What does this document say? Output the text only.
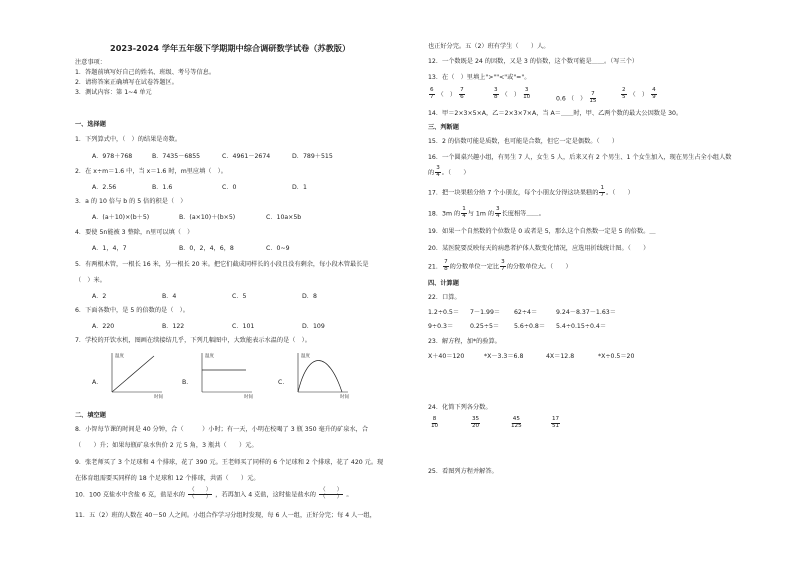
2023-2024 学年五年级下学期期中综合调研数学试卷（苏教版）
注意事项：
1．答题前填写好自己的姓名、班级、考号等信息。
2．请将答案正确填写在试卷答题区。
3．测试内容：第 1~4 单元
一、选择题
1．下列算式中，（　）的结果是奇数。
A．978＋768	B．7435－6855	C．4961－2674	D．789＋515
2．在 x÷m＝1.6 中，当 x＝1.6 时，m里应填（　）。
A．2.56	B．1.6	C．0	D．1
3．a 的 10 倍与 b 的 5 倍的积是（　）
A．(a＋10)×(b＋5)	B．(a×10)＋(b×5)	C．10a×5b
4．要使 5n能被 3 整除，n里可以填（　）
A．1，4，7	B．0，2，4，6，8	C．0~9
5．有两根木管，一根长 16 米，另一根长 20 米。把它们截成同样长的小段且没有剩余，每小段木管最长是
（　）米。
A．2	B．4	C．5	D．8
6．下面各数中，是 5 的倍数的是（　）。
A．220	B．122	C．101	D．109
7．学校的开饮水机，图画在续接结几乎，下列几幅图中，大致能表示水温的是（　）。
A．
温度
时间
B．
温度
时间
C．
温度
时间
二、填空题
8．小智每节课的时间是 40 分钟，合（　　　）小时；有一天，小明在校喝了 3 瓶 350 毫升的矿泉水，合
（　　）升；如果每瓶矿泉水售价 2 元 5 角，3 瓶共（　　）元。
9．张老师买了 3 个足球和 4 个排球，花了 390 元。王老师买了同样的 6 个足球和 2 个排球，花了 420 元。现
在体育组需要买同样的 18 个足球和 12 个排球，共需（　　）元。
10．100 克盐水中含盐 6 克，盐是水的 $\frac{( )}{( )}$ ，若再加入 4 克盐，这时盐是盐水的 $\frac{( )}{( )}$ 。
11．五（2）班的人数在 40－50 人之间。小组合作学习分组时发现，每 6 人一组，正好分完；每 4 人一组，
也正好分完。五（2）班有学生（　　）人。
12．一个数既是 24 的因数，又是 3 的倍数，这个数可能是＿＿。（写三个）
13．在（　）里填上">""<"或"="。
$\frac{6}{7}$ （　） $\frac{7}{6}$	$\frac{3}{8}$ （　） $\frac{3}{10}$	0.6 （　） $\frac{7}{15}$	$\frac{2}{5}$ （　） $\frac{4}{9}$
14．甲＝2×3×5×A，乙＝2×3×7×A，当 A＝＿＿时，甲、乙两个数的最大公因数是 30。
三、判断题
15．2 的倍数可能是质数，也可能是合数，但它一定是偶数。（　　）
16．一个圆桌兴趣小组，有男生 7 人，女生 5 人，后来又有 2 个男生、1 个女生加入，现在男生占全小组人数
的 $\frac{3}{4}$ 。（　　）
17．把一块果糕分给 7 个小朋友，每个小朋友分得这块果糕的 $\frac{1}{7}$ 。（　　）
18．3m 的 $\frac{1}{4}$ 与 1m 的 $\frac{3}{4}$ 长度相等＿＿。
19．如果一个自然数的个位数是 0 或者是 5，那么这个自然数一定是 5 的倍数。＿
20．某医院要反映每天的病患者护体人数变化情况，应选用折线统计图。（　　）
21． $\frac{7}{8}$ 的分数单位一定比 $\frac{3}{7}$ 的分数单位大。（　　）
四、计算题
22．口算。
1.2÷0.5＝ 7－1.99＝ 62÷4＝	9.24－8.37－1.63＝
9÷0.3＝	0.25÷5＝ 5.6÷0.8＝ 5.4÷0.15÷0.4＝
23．解方程，加*的验算。
X＋40＝120	*X－3.3＝6.8	4X＝12.8	*X÷0.5＝20
24．化简下列各分数。
$\frac{8}{10}$	$\frac{35}{20}$	$\frac{45}{125}$	$\frac{17}{51}$
25．看图列方程并解答。
